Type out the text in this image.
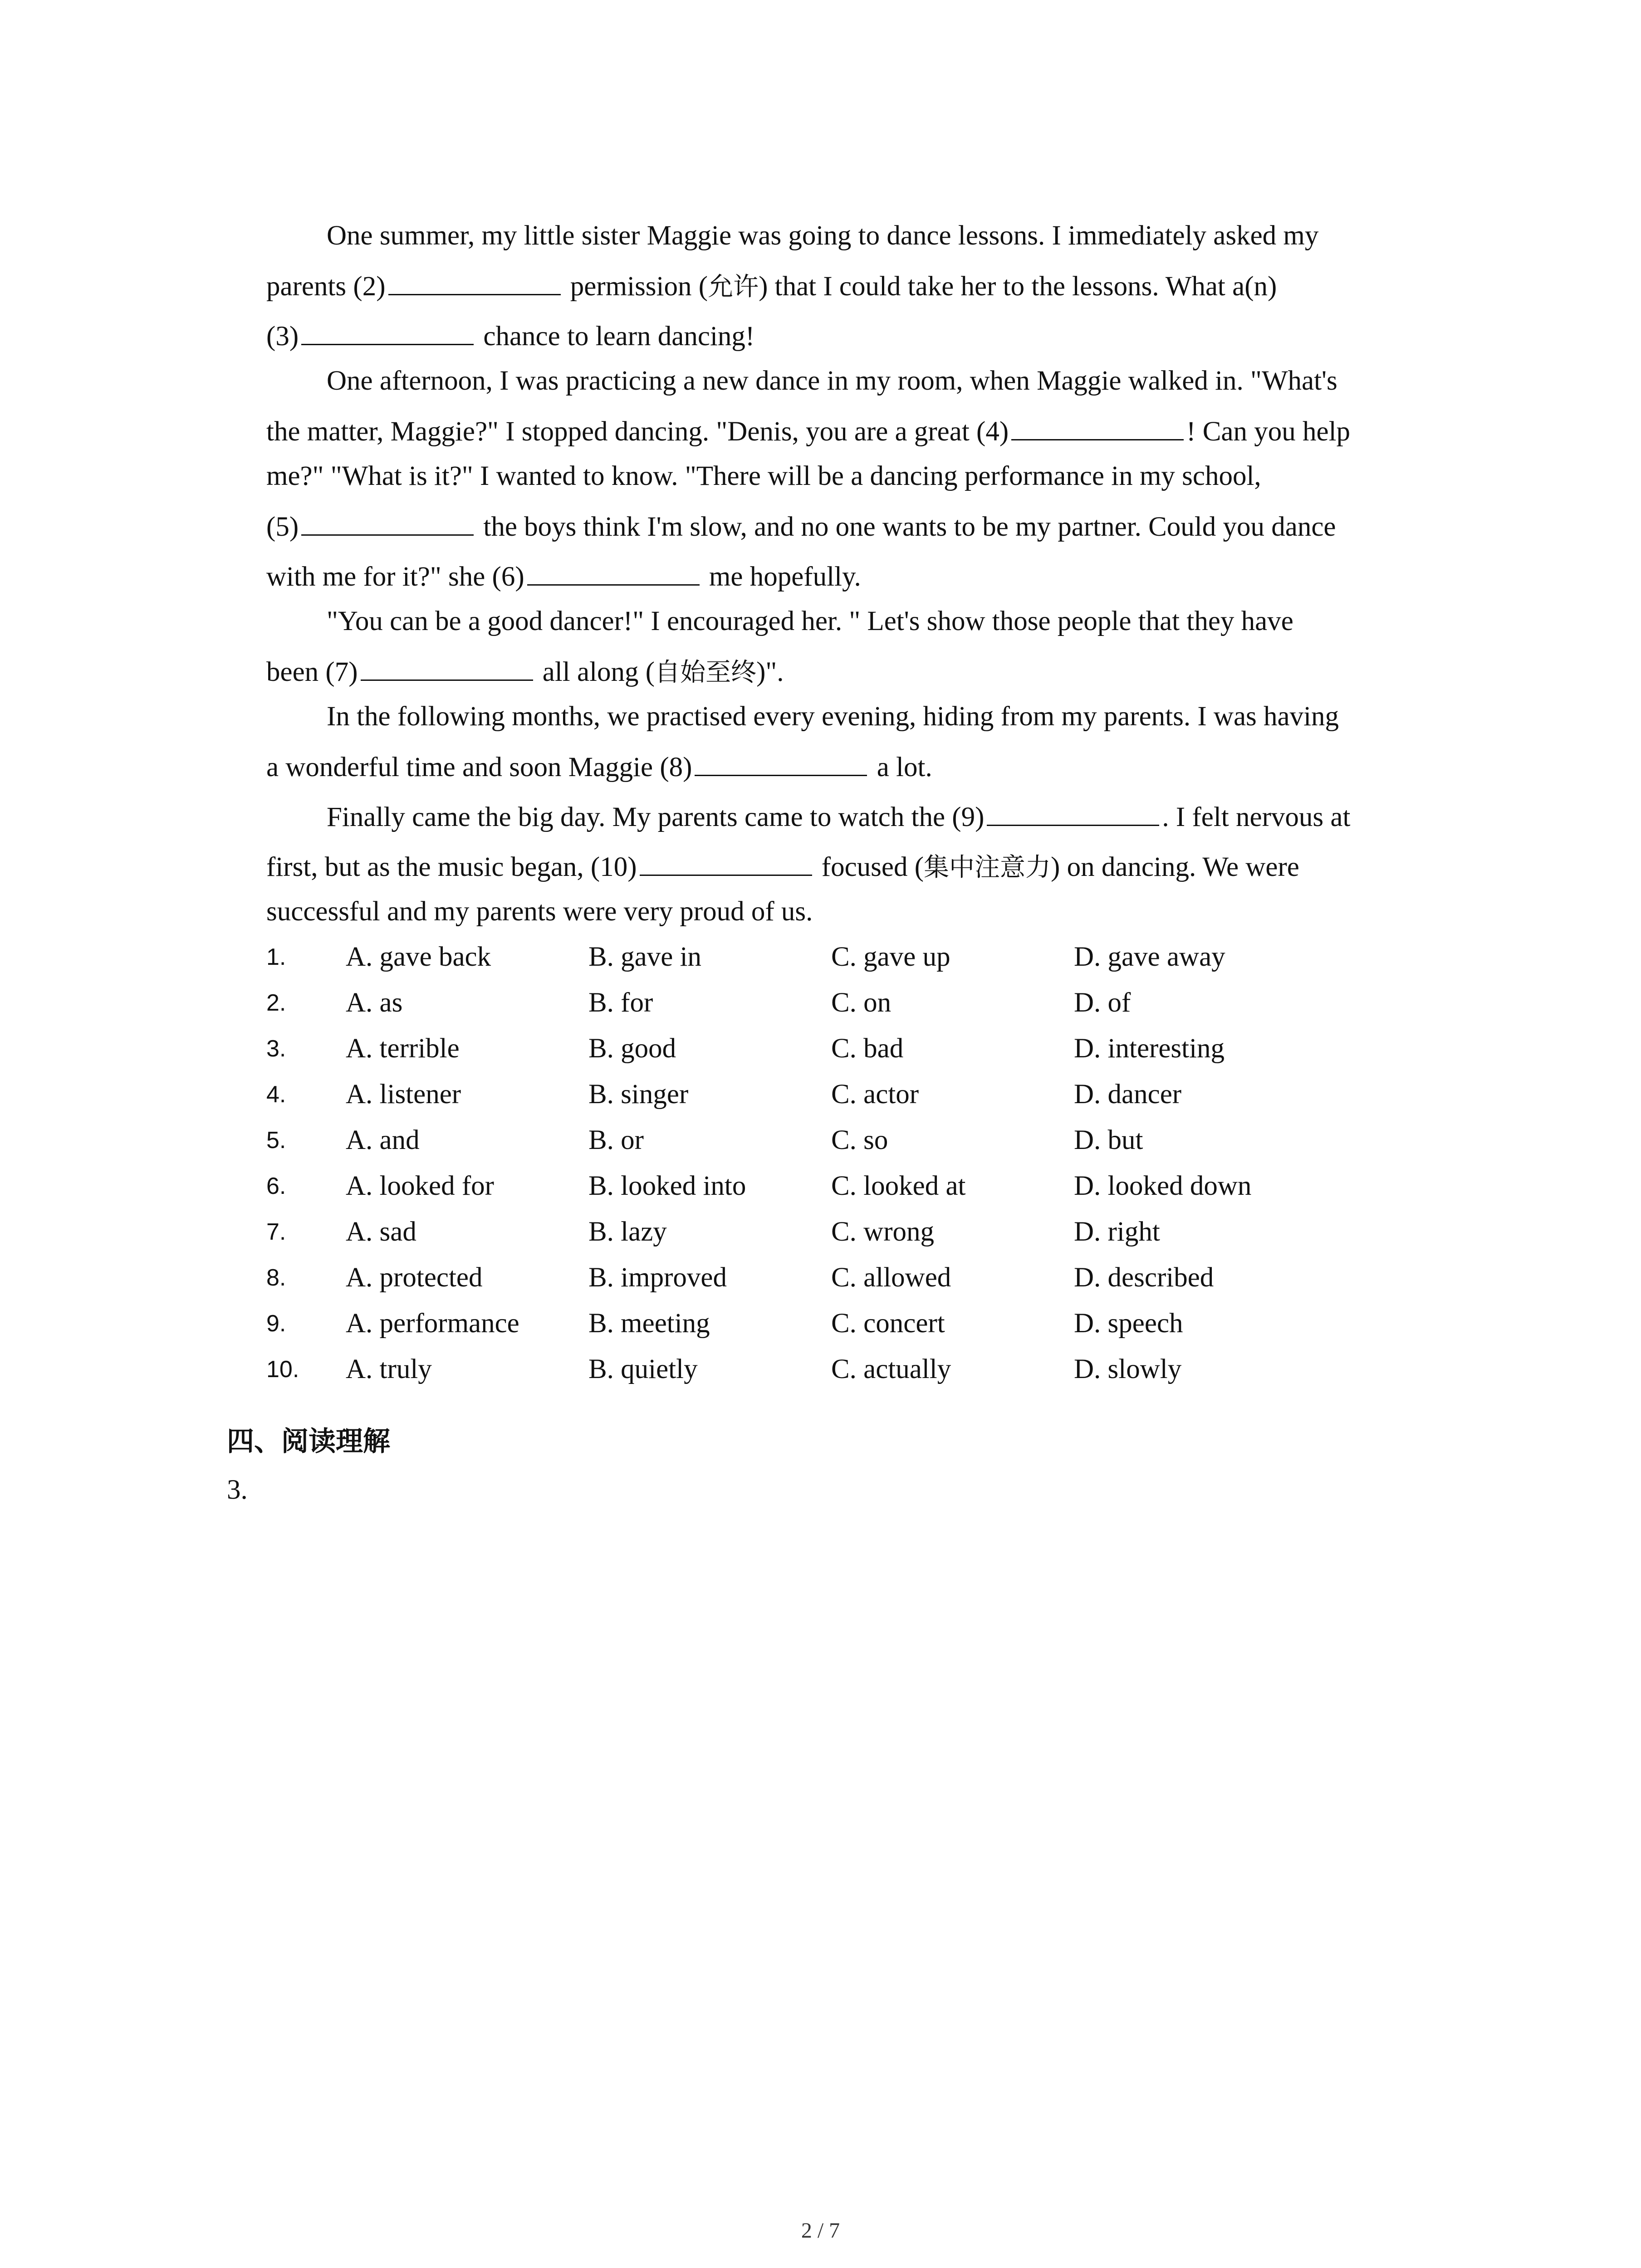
One summer, my little sister Maggie was going to dance lessons. I immediately asked my
parents (2)	permission (允许) that I could take her to the lessons. What a(n)
(3)	chance to learn dancing!
One afternoon, I was practicing a new dance in my room, when Maggie walked in. "What's
the matter, Maggie?" I stopped dancing. "Denis, you are a great (4)	! Can you help
me?" "What is it?" I wanted to know. "There will be a dancing performance in my school,
(5)	the boys think I'm slow, and no one wants to be my partner. Could you dance
with me for it?" she (6)	me hopefully.
"You can be a good dancer!" I encouraged her. " Let's show those people that they have
been (7)	all along (自始至终)".
In the following months, we practised every evening, hiding from my parents. I was having
a wonderful time and soon Maggie (8)	a lot.
Finally came the big day. My parents came to watch the (9)	. I felt nervous at
first, but as the music began, (10)	focused (集中注意力) on dancing. We were
successful and my parents were very proud of us.
1. A. gave back	B. gave in	C. gave up	D. gave away
2. A. as	B. for	C. on	D. of
3. A. terrible	B. good	C. bad	D. interesting
4. A. listener	B. singer	C. actor	D. dancer
5. A. and	B. or	C. so	D. but
6. A. looked for	B. looked into	C. looked at	D. looked down
7. A. sad	B. lazy	C. wrong	D. right
8. A. protected	B. improved	C. allowed	D. described
9. A. performance B. meeting	C. concert	D. speech
10. A. truly	B. quietly	C. actually	D. slowly
四、阅读理解
3.
2 / 7
